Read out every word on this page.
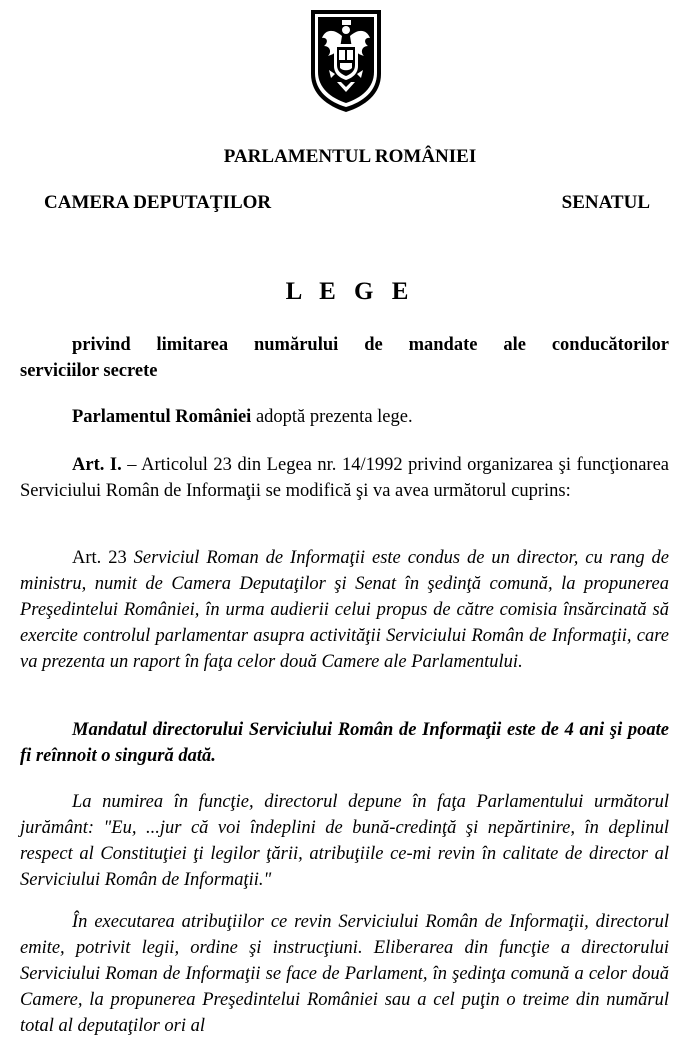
PARLAMENTUL ROMÂNIEI
CAMERA DEPUTAŢILOR	SENATUL
L E G E
privind limitarea numărului de mandate ale conducătorilor
serviciilor secrete
Parlamentul României adoptă prezenta lege.
Art. I. – Articolul 23 din Legea nr. 14/1992 privind organizarea şi funcţionarea Serviciului Român de Informaţii se modifică şi va avea următorul cuprins:
Art. 23 Serviciul Roman de Informaţii este condus de un director, cu rang de ministru, numit de Camera Deputaţilor şi Senat în şedinţă comună, la propunerea Preşedintelui României, în urma audierii celui propus de către comisia însărcinată să exercite controlul parlamentar asupra activităţii Serviciului Român de Informaţii, care va prezenta un raport în faţa celor două Camere ale Parlamentului.
Mandatul directorului Serviciului Român de Informaţii este de 4 ani şi poate fi reînnoit o singură dată.
La numirea în funcţie, directorul depune în faţa Parlamentului următorul jurământ: "Eu, ...jur că voi îndeplini de bună-credinţă şi nepărtinire, în deplinul respect al Constituţiei ţi legilor ţării, atribuţiile ce-mi revin în calitate de director al Serviciului Român de Informaţii."
În executarea atribuţiilor ce revin Serviciului Român de Informaţii, directorul emite, potrivit legii, ordine şi instrucţiuni. Eliberarea din funcţie a directorului Serviciului Roman de Informaţii se face de Parlament, în şedinţa comună a celor două Camere, la propunerea Preşedintelui României sau a cel puţin o treime din numărul total al deputaţilor ori al
